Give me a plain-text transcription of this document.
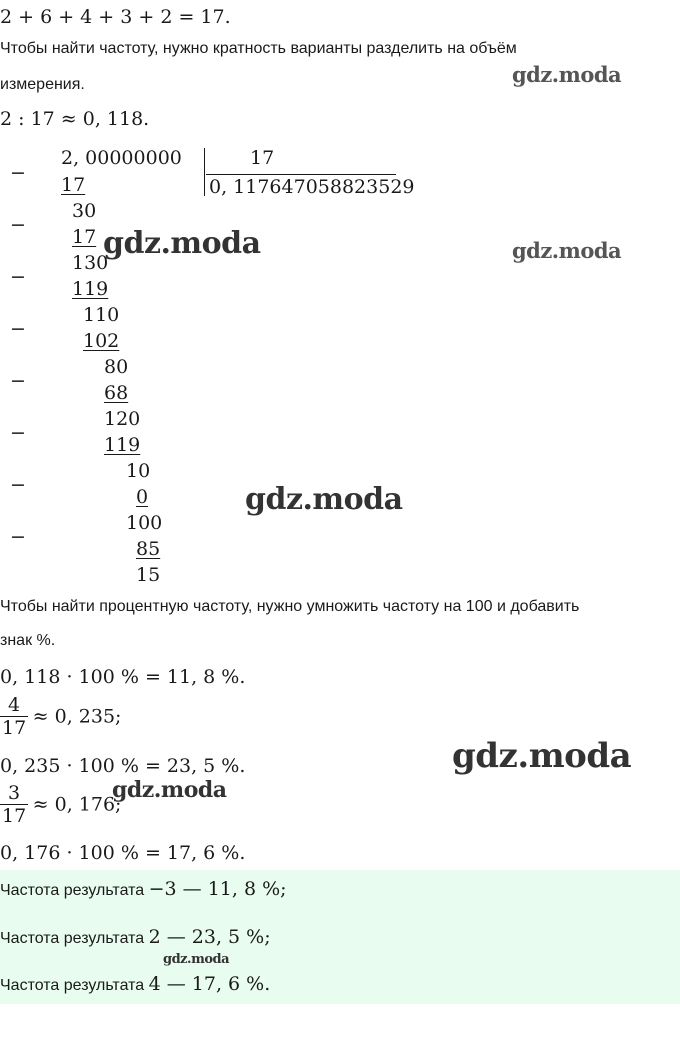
2 + 6 + 4 + 3 + 2 = 17.
Чтобы найти частоту, нужно кратность варианты разделить на объём
измерения.
2 : 17 ≈ 0, 118.
−
−
−
−
−
−
−
−
2, 00000000	17
0, 117647058823529
17
30
17
130
119
110
102
80
68
120
119
10
0
100
85
15
Чтобы найти процентную частоту, нужно умножить частоту на 100 и добавить
знак %.
0, 118 · 100 % = 11, 8 %.
$\frac{4}{17} \approx 0$, 235;
0, 235 · 100 % = 23, 5 %.
$\frac{3}{17} \approx 0$, 176;
0, 176 · 100 % = 17, 6 %.
Частота результата −3 — 11, 8 %;
Частота результата 2 — 23, 5 %;
Частота результата 4 — 17, 6 %.
gdz.moda
gdz.moda	gdz.moda
gdz.moda
gdz.moda
gdz.moda
gdz.moda
